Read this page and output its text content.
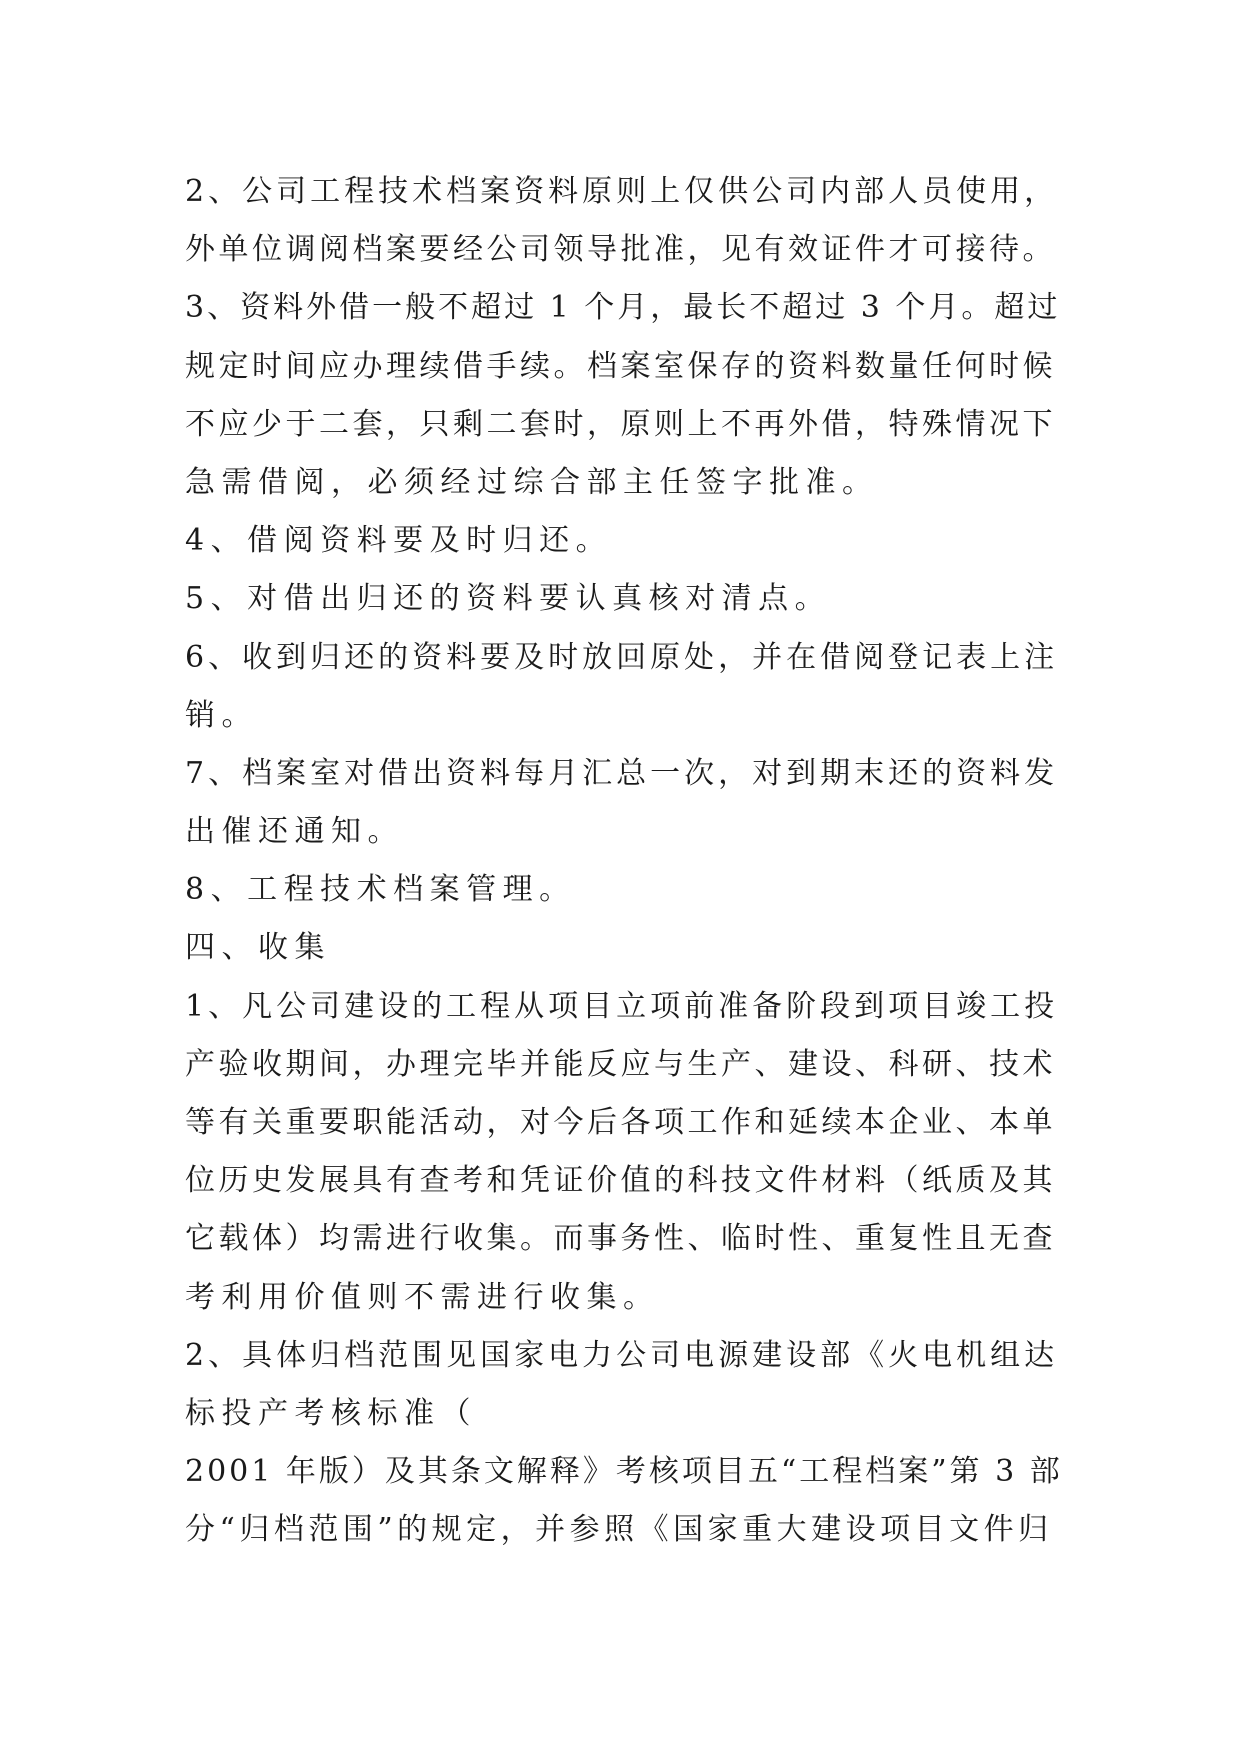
2、公司工程技术档案资料原则上仅供公司内部人员使用，
外单位调阅档案要经公司领导批准，见有效证件才可接待。
3、资料外借一般不超过 1 个月，最长不超过 3 个月。超过
规定时间应办理续借手续。档案室保存的资料数量任何时候
不应少于二套，只剩二套时，原则上不再外借，特殊情况下
急需借阅，必须经过综合部主任签字批准。
4、借阅资料要及时归还。
5、对借出归还的资料要认真核对清点。
6、收到归还的资料要及时放回原处，并在借阅登记表上注
销。
7、档案室对借出资料每月汇总一次，对到期末还的资料发
出催还通知。
8、工程技术档案管理。
四、收集
1、凡公司建设的工程从项目立项前准备阶段到项目竣工投
产验收期间，办理完毕并能反应与生产、建设、科研、技术
等有关重要职能活动，对今后各项工作和延续本企业、本单
位历史发展具有查考和凭证价值的科技文件材料（纸质及其
它载体）均需进行收集。而事务性、临时性、重复性且无查
考利用价值则不需进行收集。
2、具体归档范围见国家电力公司电源建设部《火电机组达
标投产考核标准（
2001 年版）及其条文解释》考核项目五“工程档案”第 3 部
分“归档范围”的规定，并参照《国家重大建设项目文件归
